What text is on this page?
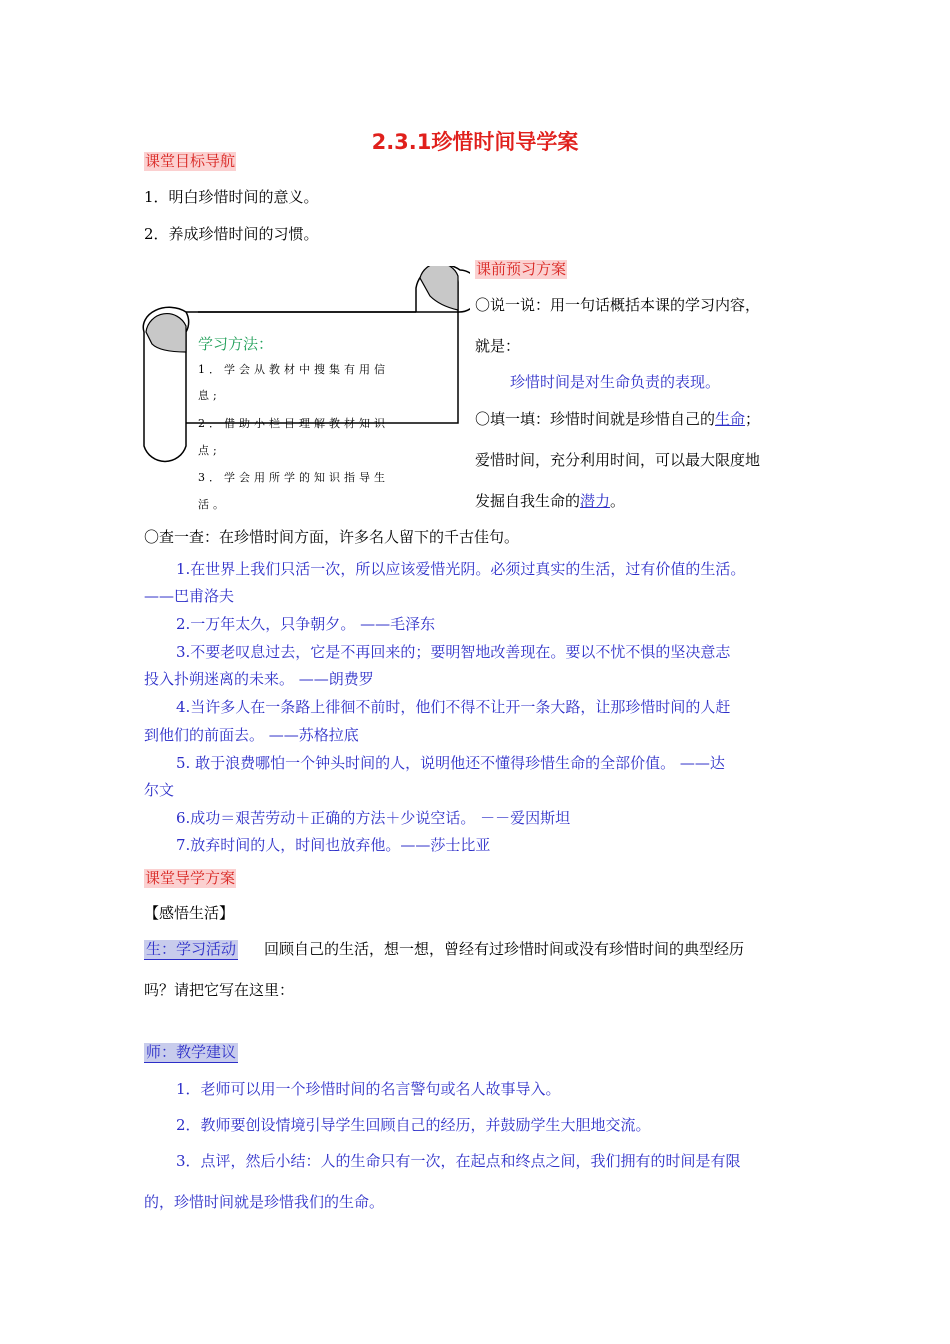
2.3.1珍惜时间导学案
课堂目标导航
1．明白珍惜时间的意义。
2．养成珍惜时间的习惯。
学习方法：
1．学会从教材中搜集有用信
息;
2．借助小栏目理解教材知识
点;
3．学会用所学的知识指导生
活。
课前预习方案
〇说一说：用一句话概括本课的学习内容，
就是：
珍惜时间是对生命负责的表现。
〇填一填：珍惜时间就是珍惜自己的生命；
爱惜时间，充分利用时间，可以最大限度地
发掘自我生命的潜力。
〇查一查：在珍惜时间方面，许多名人留下的千古佳句。
1.在世界上我们只活一次，所以应该爱惜光阴。必须过真实的生活，过有价值的生活。
——巴甫洛夫
2.一万年太久，只争朝夕。 ——毛泽东
3.不要老叹息过去，它是不再回来的；要明智地改善现在。要以不忧不惧的坚决意志
投入扑朔迷离的未来。 ——朗费罗
4.当许多人在一条路上徘徊不前时，他们不得不让开一条大路，让那珍惜时间的人赶
到他们的前面去。 ——苏格拉底
5. 敢于浪费哪怕一个钟头时间的人，说明他还不懂得珍惜生命的全部价值。 ——达
尔文
6.成功＝艰苦劳动＋正确的方法＋少说空话。 －－爱因斯坦
7.放弃时间的人，时间也放弃他。——莎士比亚
课堂导学方案
【感悟生活】
生：学习活动 回顾自己的生活，想一想，曾经有过珍惜时间或没有珍惜时间的典型经历
吗？请把它写在这里：
师：教学建议
1．老师可以用一个珍惜时间的名言警句或名人故事导入。
2．教师要创设情境引导学生回顾自己的经历，并鼓励学生大胆地交流。
3．点评，然后小结：人的生命只有一次，在起点和终点之间，我们拥有的时间是有限
的，珍惜时间就是珍惜我们的生命。
